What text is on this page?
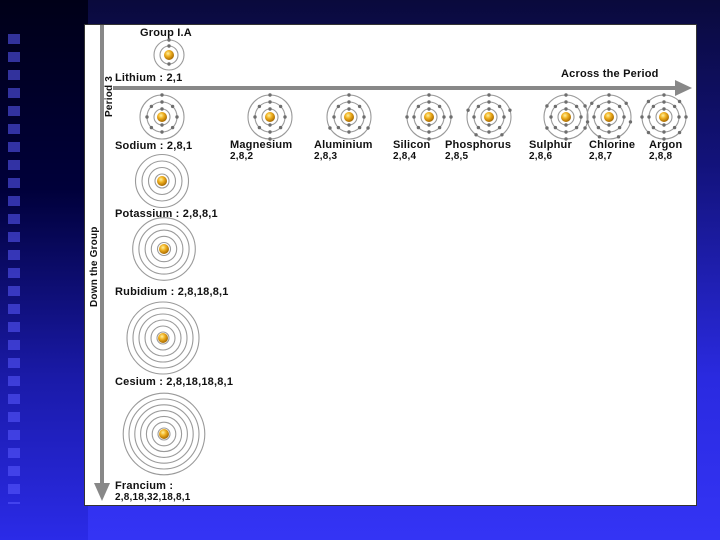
Group I.A
Across the Period
Period 3
Down the Group
Lithium : 2,1
Sodium : 2,8,1
Potassium : 2,8,8,1
Rubidium : 2,8,18,8,1
Cesium : 2,8,18,18,8,1
Francium :
2,8,18,32,18,8,1
Magnesium
2,8,2
Aluminium
2,8,3
Silicon
2,8,4
Phosphorus
2,8,5
Sulphur
2,8,6
Chlorine
2,8,7
Argon
2,8,8
